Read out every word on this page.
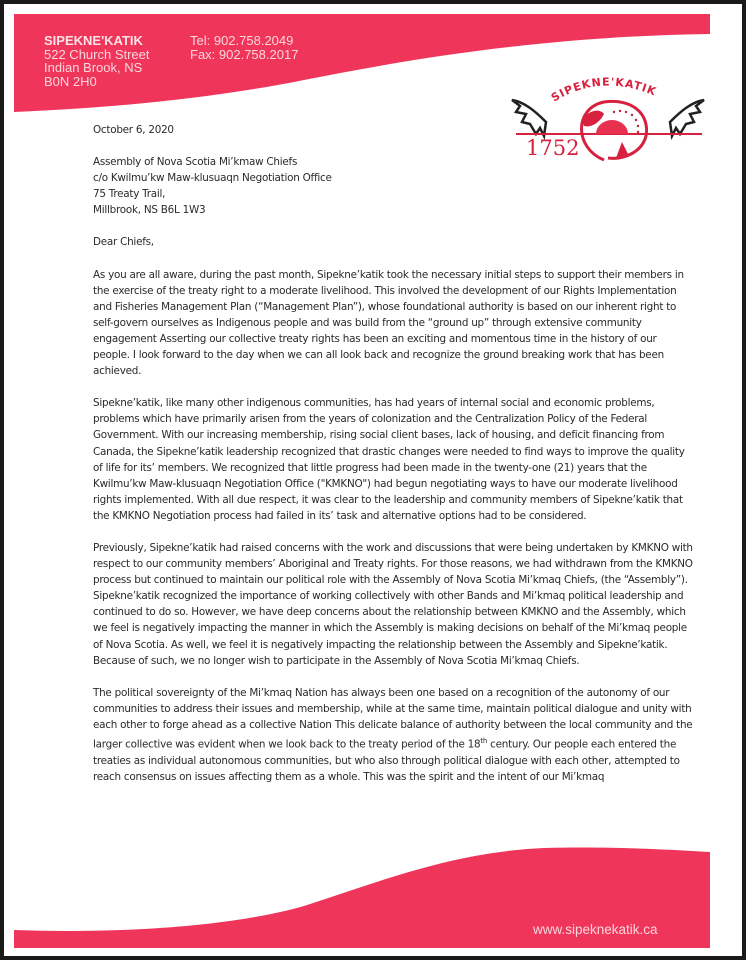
SIPEKNE'KATIK
522 Church Street
Indian Brook, NS
B0N 2H0
Tel: 902.758.2049
Fax: 902.758.2017
SIPEKNE'KATIK
1752

October 6, 2020

Assembly of Nova Scotia Mi’kmaw Chiefs

c/o Kwilmu’kw Maw-klusuaqn Negotiation Office

75 Treaty Trail,

Millbrook, NS B6L 1W3

Dear Chiefs,

As you are all aware, during the past month, Sipekne’katik took the necessary initial steps to support their members in the exercise of the treaty right to a moderate livelihood. This involved the development of our Rights Implementation and Fisheries Management Plan (“Management Plan”), whose foundational authority is based on our inherent right to self-govern ourselves as Indigenous people and was build from the “ground up” through extensive community engagement Asserting our collective treaty rights has been an exciting and momentous time in the history of our people. I look forward to the day when we can all look back and recognize the ground breaking work that has been achieved.

Sipekne’katik, like many other indigenous communities, has had years of internal social and economic problems, problems which have primarily arisen from the years of colonization and the Centralization Policy of the Federal Government. With our increasing membership, rising social client bases, lack of housing, and deficit financing from Canada, the Sipekne’katik leadership recognized that drastic changes were needed to find ways to improve the quality of life for its’ members. We recognized that little progress had been made in the twenty-one (21) years that the Kwilmu’kw Maw-klusuaqn Negotiation Office ("KMKNO") had begun negotiating ways to have our moderate livelihood rights implemented. With all due respect, it was clear to the leadership and community members of Sipekne’katik that the KMKNO Negotiation process had failed in its’ task and alternative options had to be considered.

Previously, Sipekne’katik had raised concerns with the work and discussions that were being undertaken by KMKNO with respect to our community members’ Aboriginal and Treaty rights. For those reasons, we had withdrawn from the KMKNO process but continued to maintain our political role with the Assembly of Nova Scotia Mi’kmaq Chiefs, (the “Assembly”). Sipekne’katik recognized the importance of working collectively with other Bands and Mi’kmaq political leadership and continued to do so. However, we have deep concerns about the relationship between KMKNO and the Assembly, which we feel is negatively impacting the manner in which the Assembly is making decisions on behalf of the Mi’kmaq people of Nova Scotia. As well, we feel it is negatively impacting the relationship between the Assembly and Sipekne’katik. Because of such, we no longer wish to participate in the Assembly of Nova Scotia Mi’kmaq Chiefs.

The political sovereignty of the Mi’kmaq Nation has always been one based on a recognition of the autonomy of our communities to address their issues and membership, while at the same time, maintain political dialogue and unity with each other to forge ahead as a collective Nation This delicate balance of authority between the local community and the larger collective was evident when we look back to the treaty period of the 18th century. Our people each entered the treaties as individual autonomous communities, but who also through political dialogue with each other, attempted to reach consensus on issues affecting them as a whole. This was the spirit and the intent of our Mi’kmaq

www.sipeknekatik.ca
